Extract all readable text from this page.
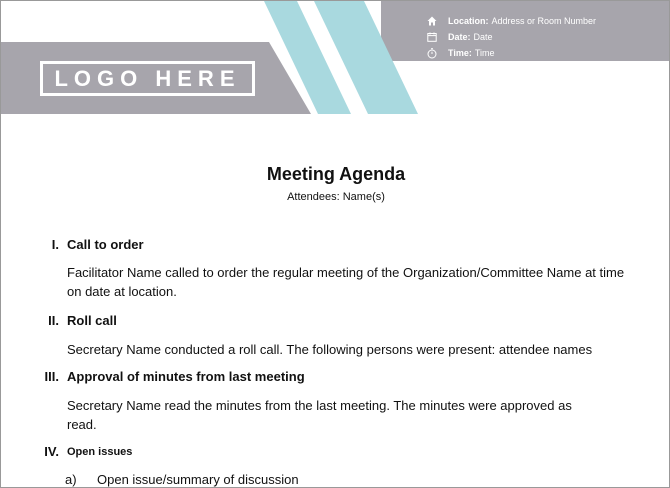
LOGO HERE
Location: Address or Room Number
Date: Date
Time: Time
Meeting Agenda
Attendees: Name(s)
I. Call to order
Facilitator Name called to order the regular meeting of the Organization/Committee Name at time on date at location.
II. Roll call
Secretary Name conducted a roll call. The following persons were present: attendee names
III. Approval of minutes from last meeting
Secretary Name read the minutes from the last meeting. The minutes were approved as read.
IV. Open issues
a)	Open issue/summary of discussion
